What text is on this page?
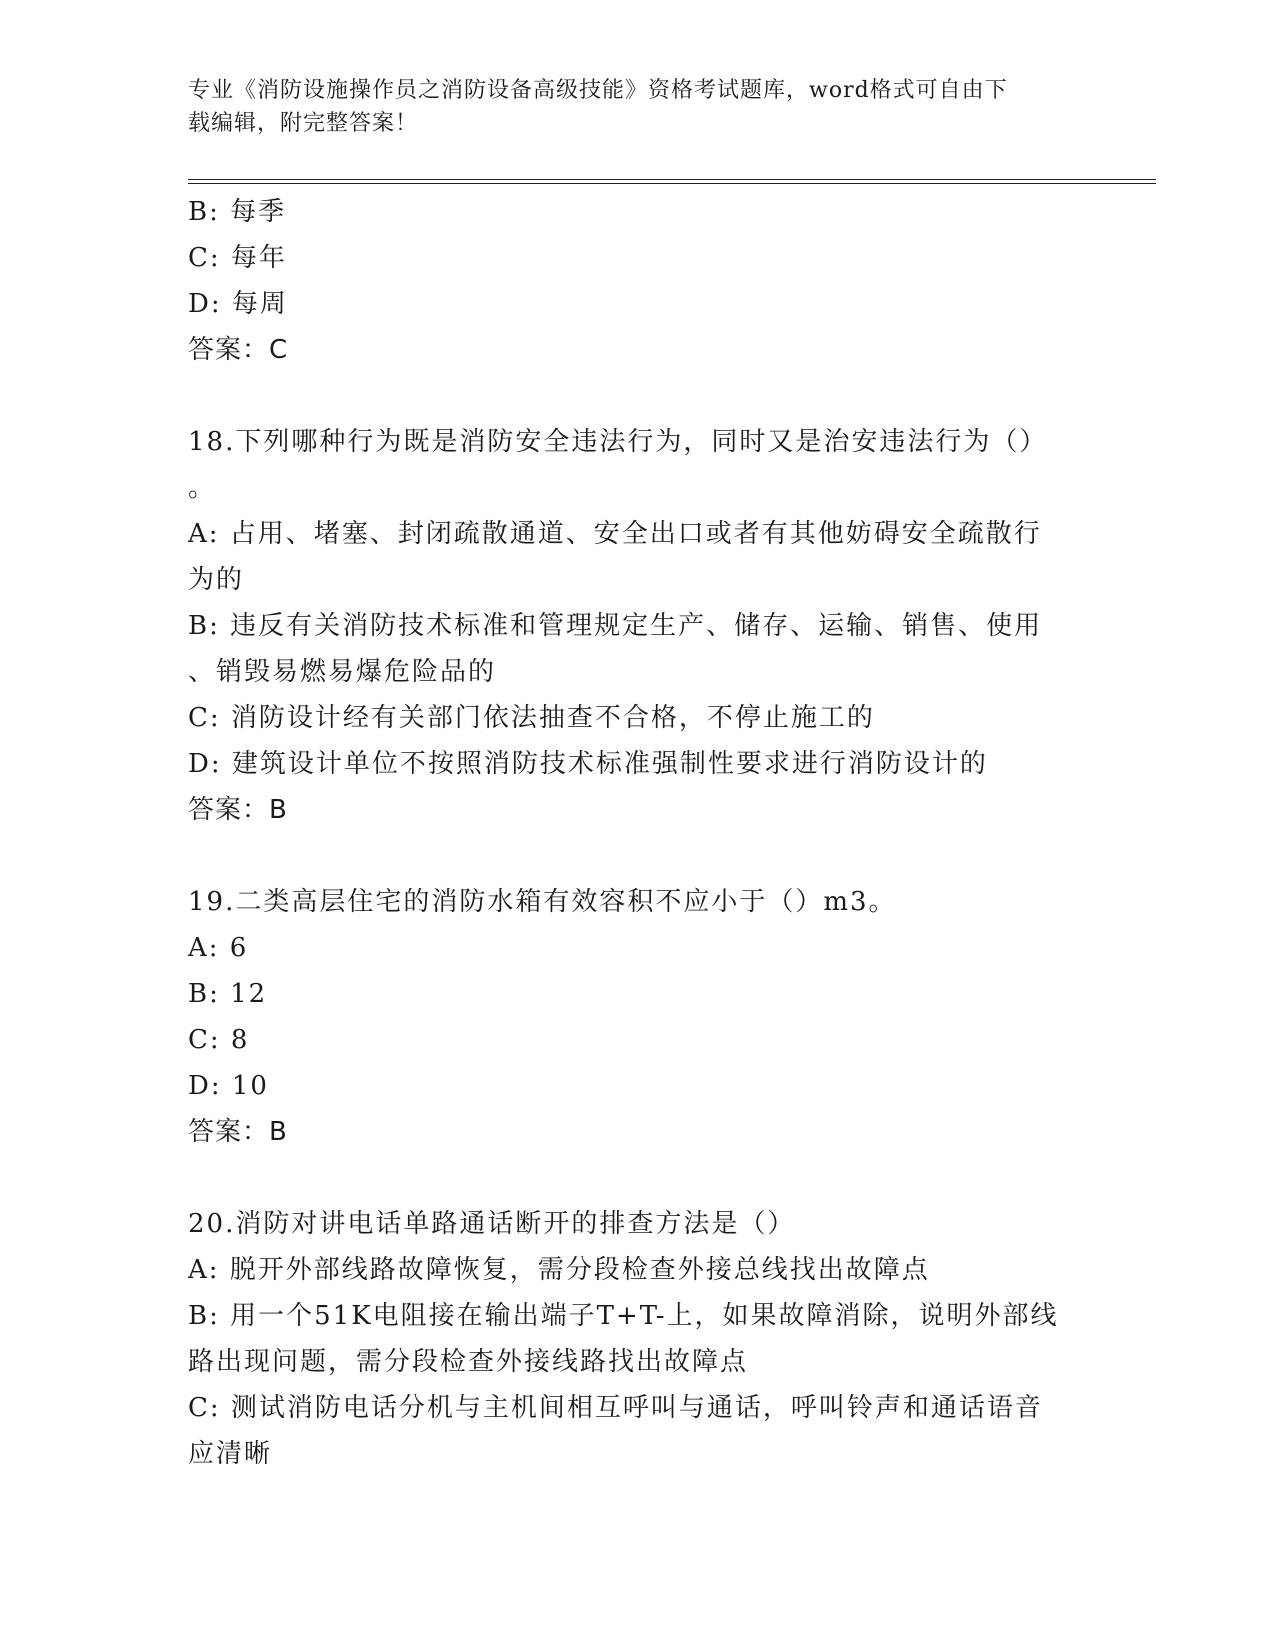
专业《消防设施操作员之消防设备高级技能》资格考试题库，word格式可自由下
载编辑，附完整答案！
B: 每季
C: 每年
D: 每周
答案：C
18.下列哪种行为既是消防安全违法行为，同时又是治安违法行为（）
。
A: 占用、堵塞、封闭疏散通道、安全出口或者有其他妨碍安全疏散行
为的
B: 违反有关消防技术标准和管理规定生产、储存、运输、销售、使用
、销毁易燃易爆危险品的
C: 消防设计经有关部门依法抽查不合格，不停止施工的
D: 建筑设计单位不按照消防技术标准强制性要求进行消防设计的
答案：B
19.二类高层住宅的消防水箱有效容积不应小于（）m3。
A: 6
B: 12
C: 8
D: 10
答案：B
20.消防对讲电话单路通话断开的排查方法是（）
A: 脱开外部线路故障恢复，需分段检查外接总线找出故障点
B: 用一个51K电阻接在输出端子T+T-上，如果故障消除，说明外部线
路出现问题，需分段检查外接线路找出故障点
C: 测试消防电话分机与主机间相互呼叫与通话，呼叫铃声和通话语音
应清晰
